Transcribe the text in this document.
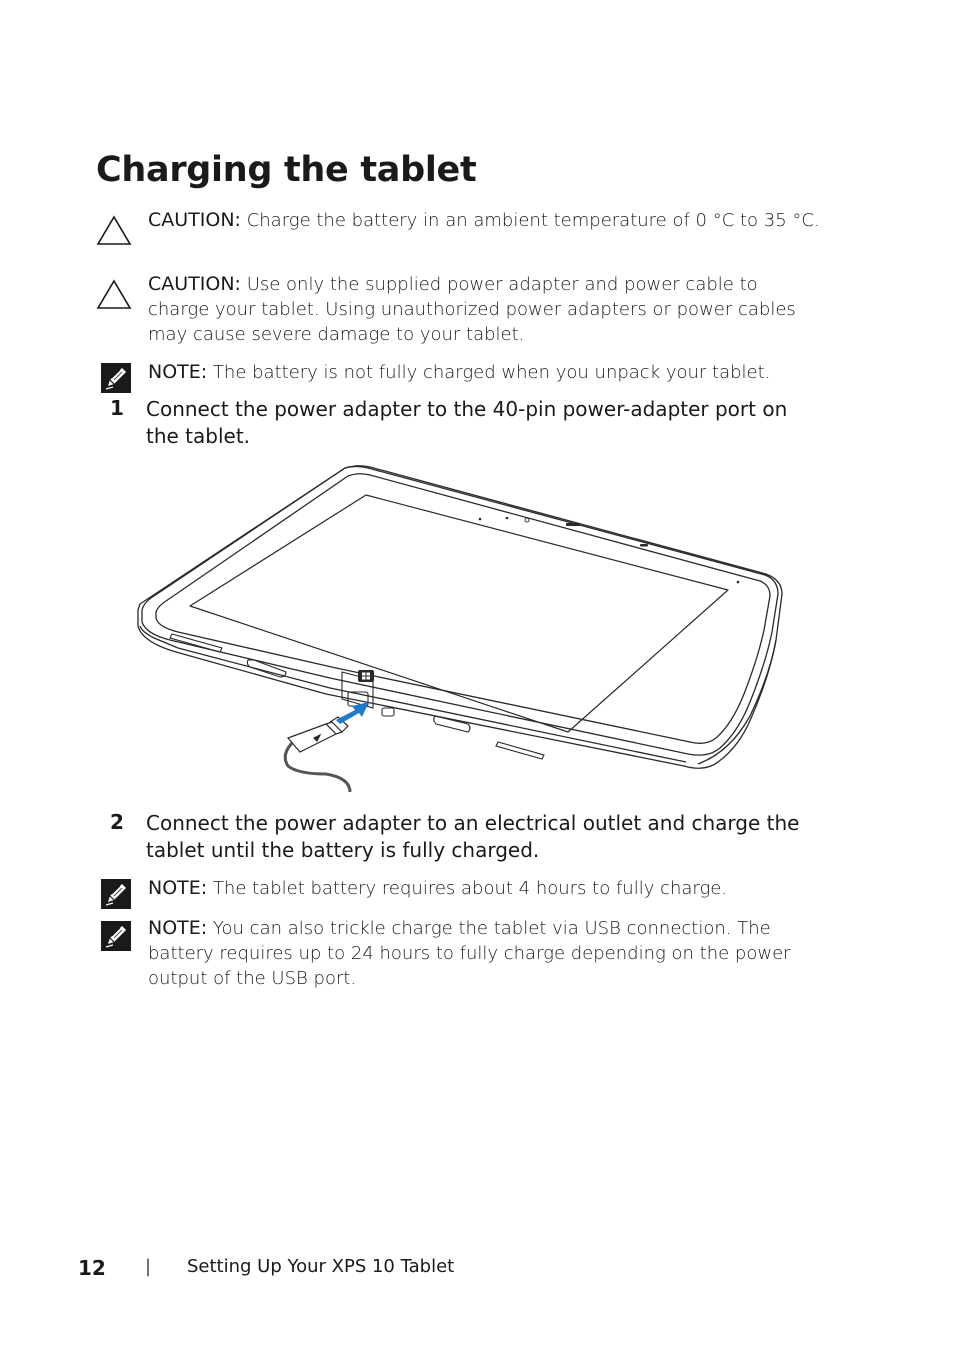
Charging the tablet
CAUTION: Charge the battery in an ambient temperature of 0 °C to 35 °C.
CAUTION: Use only the supplied power adapter and power cable to charge your tablet. Using unauthorized power adapters or power cables may cause severe damage to your tablet.
NOTE: The battery is not fully charged when you unpack your tablet.
1 Connect the power adapter to the 40-pin power-adapter port on the tablet.
2 Connect the power adapter to an electrical outlet and charge the tablet until the battery is fully charged.
NOTE: The tablet battery requires about 4 hours to fully charge.
NOTE: You can also trickle charge the tablet via USB connection. The battery requires up to 24 hours to fully charge depending on the power output of the USB port.
12 | Setting Up Your XPS 10 Tablet
